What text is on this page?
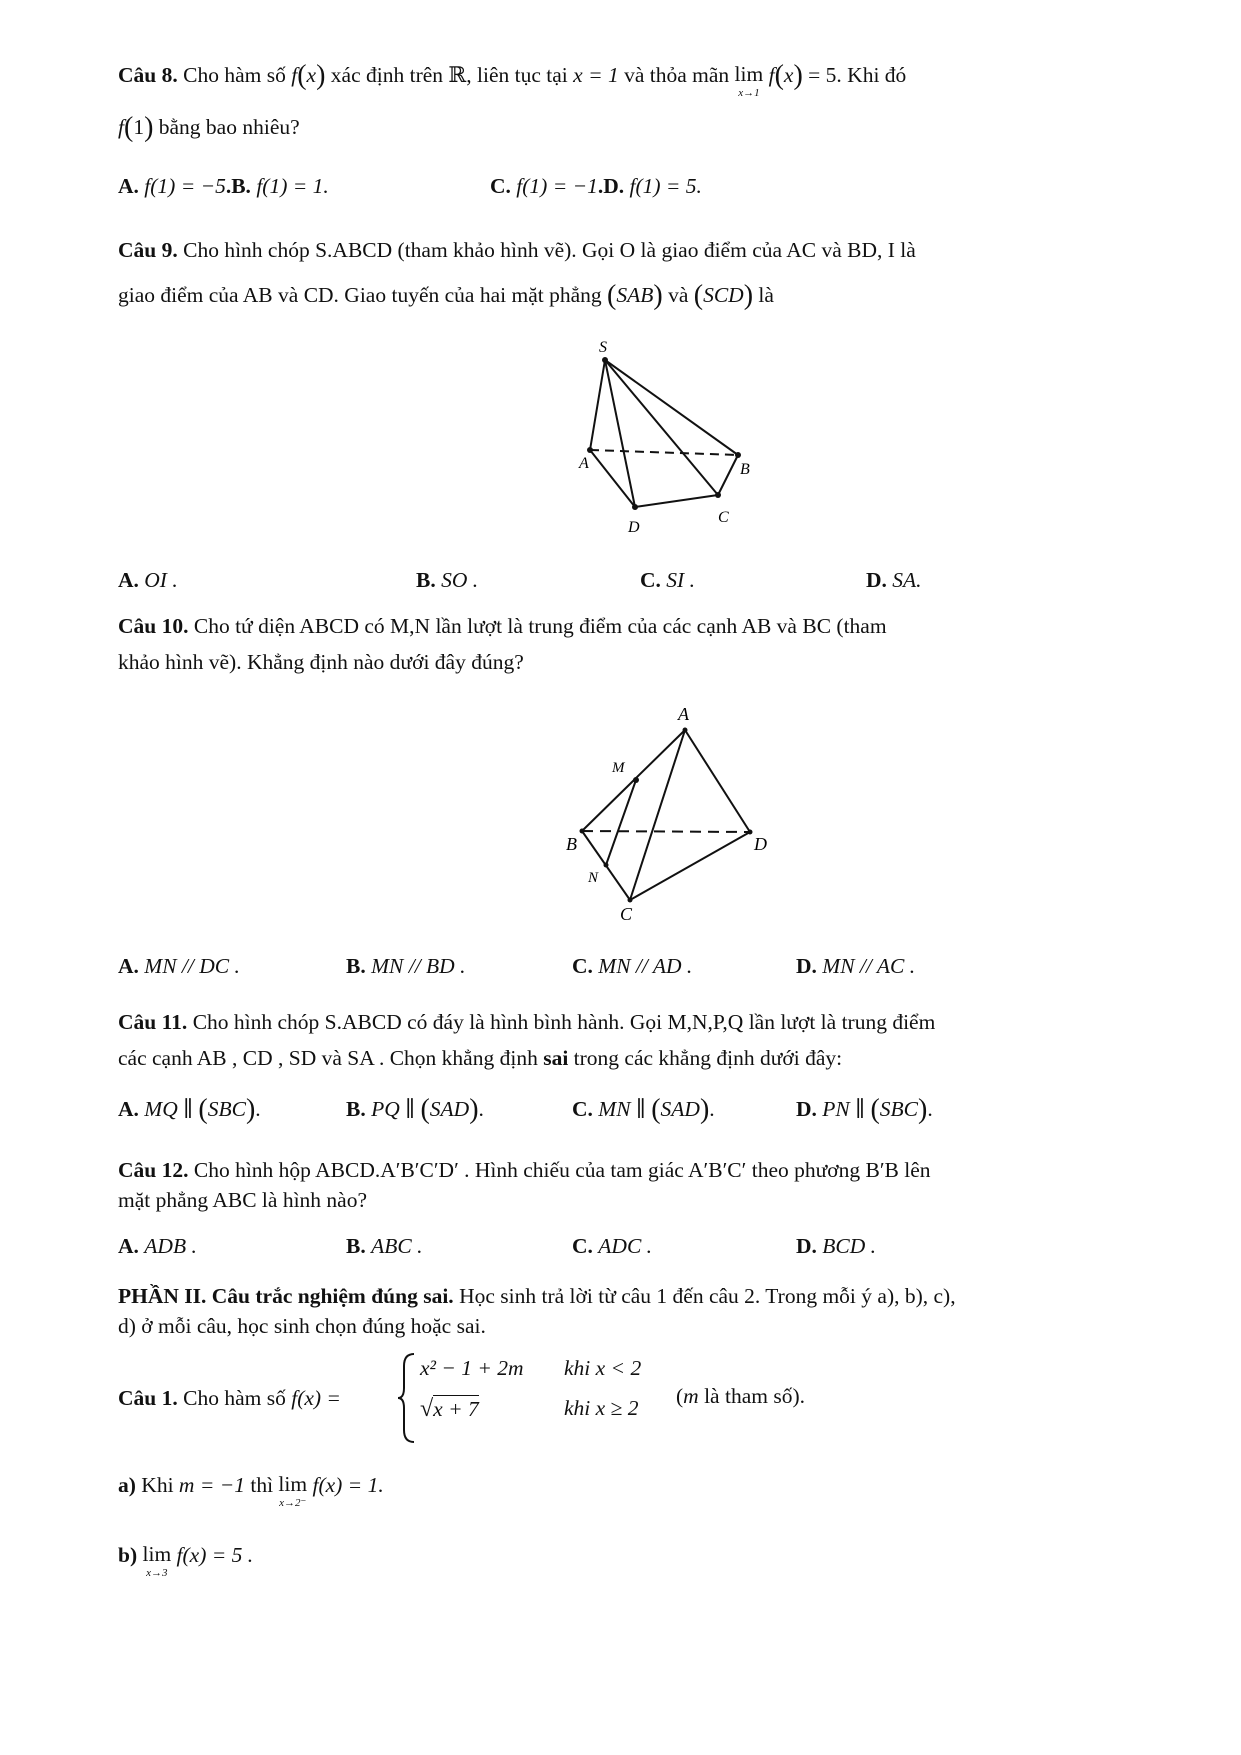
Câu 8. Cho hàm số f(x) xác định trên ℝ, liên tục tại x = 1 và thỏa mãn lim
x→1
f(x) = 5. Khi đó
f(1) bằng bao nhiêu?
A. f(1) = −5.B. f(1) = 1.	C. f(1) = −1.D. f(1) = 5.
Câu 9. Cho hình chóp S.ABCD (tham khảo hình vẽ). Gọi O là giao điểm của AC và BD, I là
giao điểm của AB và CD. Giao tuyến của hai mặt phẳng (SAB) và (SCD) là
S
A	B
C
D
A. OI .	B. SO .	C. SI .	D. SA.
Câu 10. Cho tứ diện ABCD có M,N lần lượt là trung điểm của các cạnh AB và BC (tham
khảo hình vẽ). Khẳng định nào dưới đây đúng?
A
M
B	D
N
C
A. MN // DC .	B. MN // BD .	C. MN // AD .	D. MN // AC .
Câu 11. Cho hình chóp S.ABCD có đáy là hình bình hành. Gọi M,N,P,Q lần lượt là trung điểm
các cạnh AB , CD , SD và SA . Chọn khẳng định sai trong các khẳng định dưới đây:
A. MQ ∥ (SBC).	B. PQ ∥ (SAD).	C. MN ∥ (SAD).	D. PN ∥ (SBC).
Câu 12. Cho hình hộp ABCD.A′B′C′D′ . Hình chiếu của tam giác A′B′C′ theo phương B′B lên
mặt phẳng ABC là hình nào?
A. ADB .	B. ABC .	C. ADC .	D. BCD .
PHẦN II. Câu trắc nghiệm đúng sai. Học sinh trả lời từ câu 1 đến câu 2. Trong mỗi ý a), b), c),
d) ở mỗi câu, học sinh chọn đúng hoặc sai.
Câu 1. Cho hàm số f(x) =
x² − 1 + 2m khi x < 2
√x + 7	khi x ≥ 2 (m là tham số).
a) Khi m = −1 thì lim
x→2⁻
f(x) = 1.
b) lim
x→3
f(x) = 5 .
